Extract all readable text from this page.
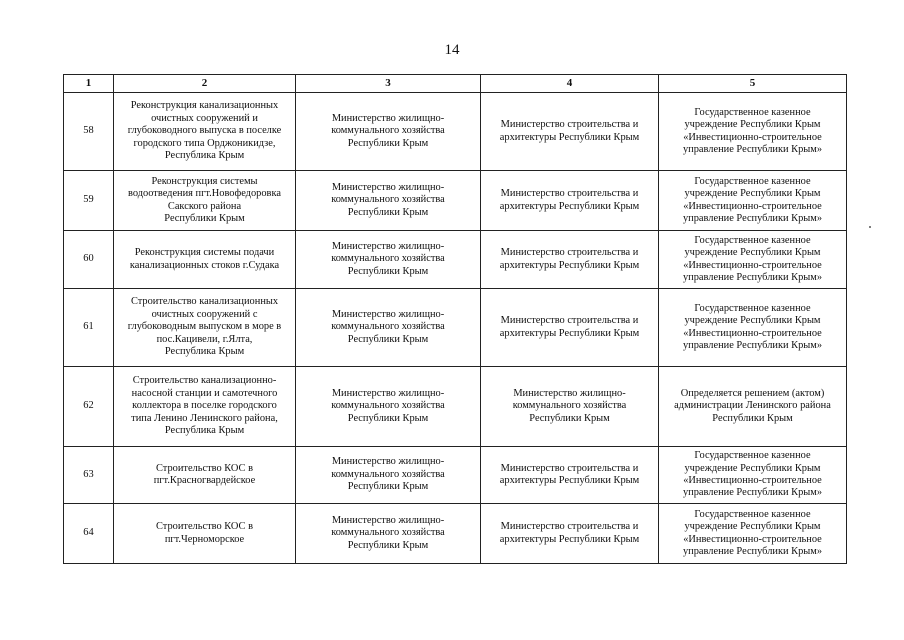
14
1	2	3	4	5
58	Реконструкция канализационных
очистных сооружений и
глубоководного выпуска в поселке
городского типа Орджоникидзе,
Республика Крым	Министерство жилищно-
коммунального хозяйства
Республики Крым	Министерство строительства и
архитектуры Республики Крым	Государственное казенное
учреждение Республики Крым
«Инвестиционно-строительное
управление Республики Крым»
59	Реконструкция системы
водоотведения пгт.Новофедоровка
Сакского района
Республики Крым	Министерство жилищно-
коммунального хозяйства
Республики Крым	Министерство строительства и
архитектуры Республики Крым	Государственное казенное
учреждение Республики Крым
«Инвестиционно-строительное
управление Республики Крым»
60	Реконструкция системы подачи
канализационных стоков г.Судака	Министерство жилищно-
коммунального хозяйства
Республики Крым	Министерство строительства и
архитектуры Республики Крым	Государственное казенное
учреждение Республики Крым
«Инвестиционно-строительное
управление Республики Крым»
61	Строительство канализационных
очистных сооружений с
глубоководным выпуском в море в
пос.Кацивели, г.Ялта,
Республика Крым	Министерство жилищно-
коммунального хозяйства
Республики Крым	Министерство строительства и
архитектуры Республики Крым	Государственное казенное
учреждение Республики Крым
«Инвестиционно-строительное
управление Республики Крым»
62	Строительство канализационно-
насосной станции и самотечного
коллектора в поселке городского
типа Ленино Ленинского района,
Республика Крым	Министерство жилищно-
коммунального хозяйства
Республики Крым	Министерство жилищно-
коммунального хозяйства
Республики Крым	Определяется решением (актом)
администрации Ленинского района
Республики Крым
63	Строительство КОС в
пгт.Красногвардейское	Министерство жилищно-
коммунального хозяйства
Республики Крым	Министерство строительства и
архитектуры Республики Крым	Государственное казенное
учреждение Республики Крым
«Инвестиционно-строительное
управление Республики Крым»
64	Строительство КОС в
пгт.Черноморское	Министерство жилищно-
коммунального хозяйства
Республики Крым	Министерство строительства и
архитектуры Республики Крым	Государственное казенное
учреждение Республики Крым
«Инвестиционно-строительное
управление Республики Крым»
